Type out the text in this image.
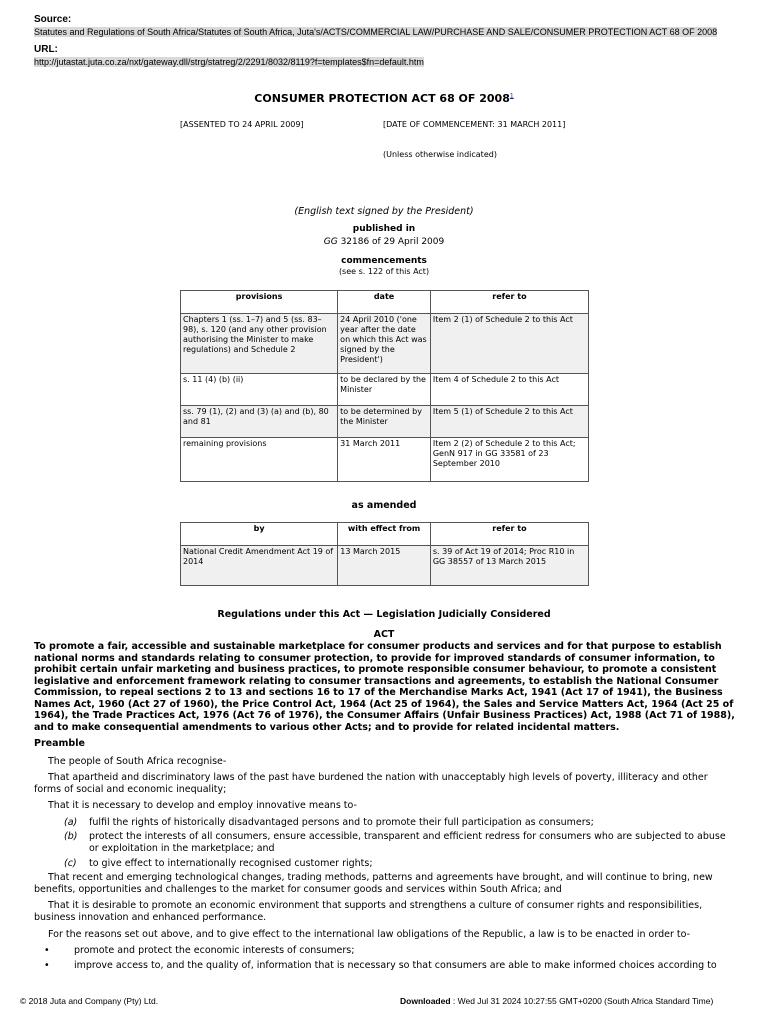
Source:

Statutes and Regulations of South Africa/Statutes of South Africa, Juta's/ACTS/COMMERCIAL LAW/PURCHASE AND SALE/CONSUMER PROTECTION ACT 68 OF 2008

URL:

http://jutastat.juta.co.za/nxt/gateway.dll/strg/statreg/2/2291/8032/8119?f=templates$fn=default.htm
CONSUMER PROTECTION ACT 68 OF 2008$^1$
[ASSENTED TO 24 APRIL 2009]	[DATE OF COMMENCEMENT: 31 MARCH 2011]
(Unless otherwise indicated)
(English text signed by the President)
published in
GG 32186 of 29 April 2009
commencements
(see s. 122 of this Act)
provisions	date	refer to
Chapters 1 (ss. 1–7) and 5 (ss. 83–98), s. 120 (and any other provision authorising the Minister to make regulations) and Schedule 2	24 April 2010 ('one year after the date on which this Act was signed by the President')	Item 2 (1) of Schedule 2 to this Act
s. 11 (4) (b) (ii)	to be declared by the Minister	Item 4 of Schedule 2 to this Act
ss. 79 (1), (2) and (3) (a) and (b), 80 and 81	to be determined by the Minister	Item 5 (1) of Schedule 2 to this Act
remaining provisions	31 March 2011	Item 2 (2) of Schedule 2 to this Act; GenN 917 in GG 33581 of 23 September 2010
as amended
by	with effect from	refer to
National Credit Amendment Act 19 of 2014	13 March 2015	s. 39 of Act 19 of 2014; Proc R10 in GG 38557 of 13 March 2015
Regulations under this Act — Legislation Judicially Considered
ACT
To promote a fair, accessible and sustainable marketplace for consumer products and services and for that purpose to establish national norms and standards relating to consumer protection, to provide for improved standards of consumer information, to prohibit certain unfair marketing and business practices, to promote responsible consumer behaviour, to promote a consistent legislative and enforcement framework relating to consumer transactions and agreements, to establish the National Consumer Commission, to repeal sections 2 to 13 and sections 16 to 17 of the Merchandise Marks Act, 1941 (Act 17 of 1941), the Business Names Act, 1960 (Act 27 of 1960), the Price Control Act, 1964 (Act 25 of 1964), the Sales and Service Matters Act, 1964 (Act 25 of 1964), the Trade Practices Act, 1976 (Act 76 of 1976), the Consumer Affairs (Unfair Business Practices) Act, 1988 (Act 71 of 1988), and to make consequential amendments to various other Acts; and to provide for related incidental matters.
Preamble

The people of South Africa recognise-

That apartheid and discriminatory laws of the past have burdened the nation with unacceptably high levels of poverty, illiteracy and other forms of social and economic inequality;

That it is necessary to develop and employ innovative means to-

(a)	fulfil the rights of historically disadvantaged persons and to promote their full participation as consumers;
(b)	protect the interests of all consumers, ensure accessible, transparent and efficient redress for consumers who are subjected to abuse or exploitation in the marketplace; and
(c)	to give effect to internationally recognised customer rights;

That recent and emerging technological changes, trading methods, patterns and agreements have brought, and will continue to bring, new benefits, opportunities and challenges to the market for consumer goods and services within South Africa; and

That it is desirable to promote an economic environment that supports and strengthens a culture of consumer rights and responsibilities, business innovation and enhanced performance.

For the reasons set out above, and to give effect to the international law obligations of the Republic, a law is to be enacted in order to-

•	promote and protect the economic interests of consumers;
•	improve access to, and the quality of, information that is necessary so that consumers are able to make informed choices according to
© 2018 Juta and Company (Pty) Ltd.	Downloaded : Wed Jul 31 2024 10:27:55 GMT+0200 (South Africa Standard Time)
